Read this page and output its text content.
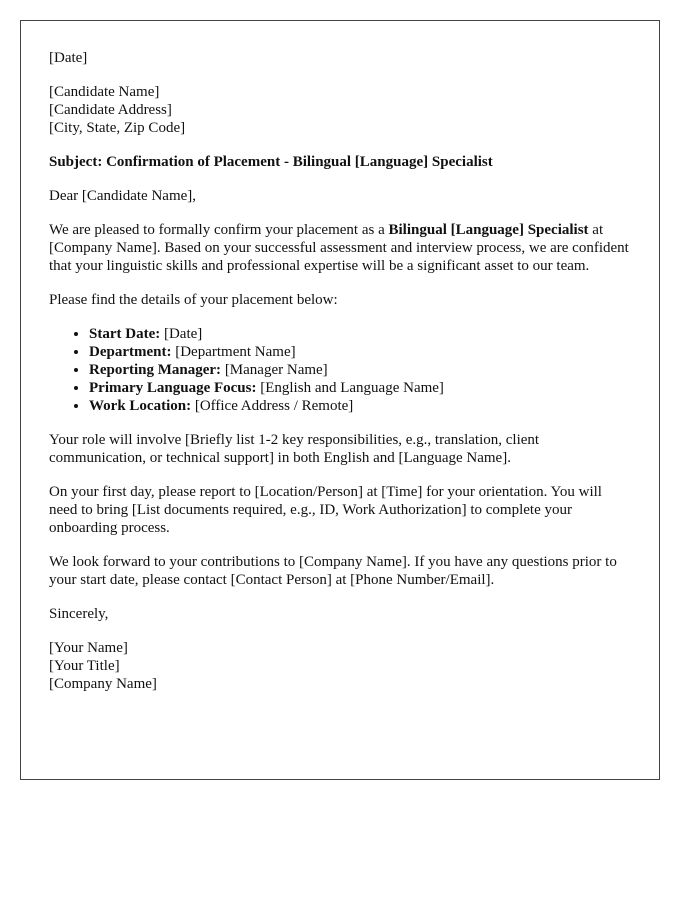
[Date]

[Candidate Name]
[Candidate Address]
[City, State, Zip Code]

Subject: Confirmation of Placement - Bilingual [Language] Specialist

Dear [Candidate Name],

We are pleased to formally confirm your placement as a Bilingual [Language] Specialist at [Company Name]. Based on your successful assessment and interview process, we are confident that your linguistic skills and professional expertise will be a significant asset to our team.

Please find the details of your placement below:

• Start Date: [Date]
• Department: [Department Name]
• Reporting Manager: [Manager Name]
• Primary Language Focus: [English and Language Name]
• Work Location: [Office Address / Remote]

Your role will involve [Briefly list 1-2 key responsibilities, e.g., translation, client communication, or technical support] in both English and [Language Name].

On your first day, please report to [Location/Person] at [Time] for your orientation. You will need to bring [List documents required, e.g., ID, Work Authorization] to complete your onboarding process.

We look forward to your contributions to [Company Name]. If you have any questions prior to your start date, please contact [Contact Person] at [Phone Number/Email].

Sincerely,

[Your Name]
[Your Title]
[Company Name]
